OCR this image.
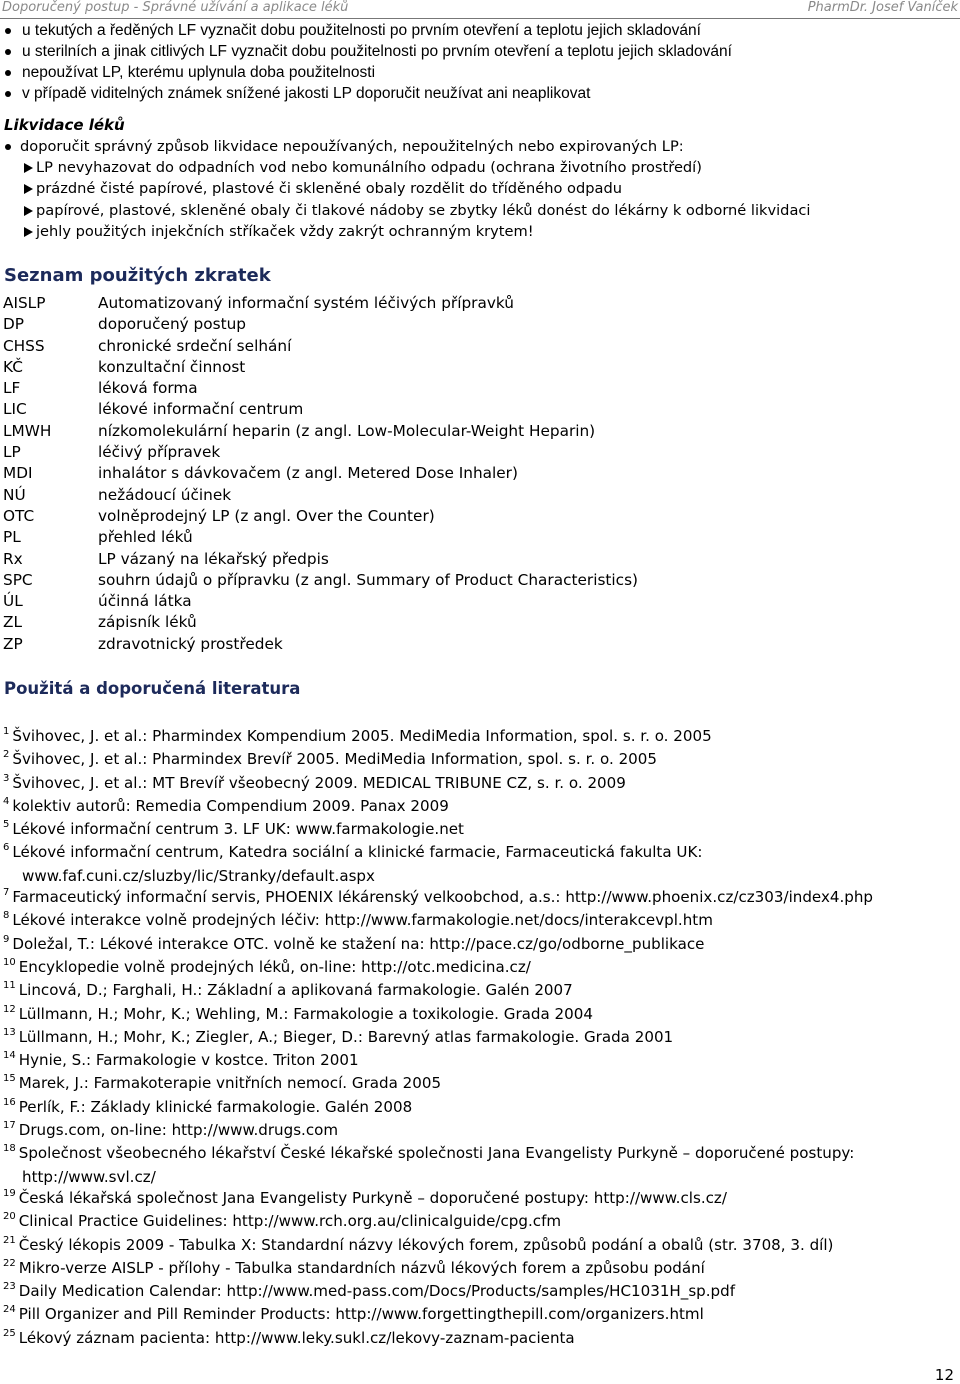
Doporučený postup - Správné užívání a aplikace léků	PharmDr. Josef Vaníček
u tekutých a ředěných LF vyznačit dobu použitelnosti po prvním otevření a teplotu jejich skladování
u sterilních a jinak citlivých LF vyznačit dobu použitelnosti po prvním otevření a teplotu jejich skladování
nepoužívat LP, kterému uplynula doba použitelnosti
v případě viditelných známek snížené jakosti LP doporučit neužívat ani neaplikovat
Likvidace léků
doporučit správný způsob likvidace nepoužívaných, nepoužitelných nebo expirovaných LP:
LP nevyhazovat do odpadních vod nebo komunálního odpadu (ochrana životního prostředí)
prázdné čisté papírové, plastové či skleněné obaly rozdělit do tříděného odpadu
papírové, plastové, skleněné obaly či tlakové nádoby se zbytky léků donést do lékárny k odborné likvidaci
jehly použitých injekčních stříkaček vždy zakrýt ochranným krytem!
Seznam použitých zkratek
AISLP	Automatizovaný informační systém léčivých přípravků
DP	doporučený postup
CHSS	chronické srdeční selhání
KČ	konzultační činnost
LF	léková forma
LIC	lékové informační centrum
LMWH	nízkomolekulární heparin (z angl. Low-Molecular-Weight Heparin)
LP	léčivý přípravek
MDI	inhalátor s dávkovačem (z angl. Metered Dose Inhaler)
NÚ	nežádoucí účinek
OTC	volněprodejný LP (z angl. Over the Counter)
PL	přehled léků
Rx	LP vázaný na lékařský předpis
SPC	souhrn údajů o přípravku (z angl. Summary of Product Characteristics)
ÚL	účinná látka
ZL	zápisník léků
ZP	zdravotnický prostředek
Použitá a doporučená literatura
$^1$ Švihovec, J. et al.: Pharmindex Kompendium 2005. MediMedia Information, spol. s. r. o. 2005
$^2$ Švihovec, J. et al.: Pharmindex Brevíř 2005. MediMedia Information, spol. s. r. o. 2005
$^3$ Švihovec, J. et al.: MT Brevíř všeobecný 2009. MEDICAL TRIBUNE CZ, s. r. o. 2009
$^4$ kolektiv autorů: Remedia Compendium 2009. Panax 2009
$^5$ Lékové informační centrum 3. LF UK: www.farmakologie.net
$^6$ Lékové informační centrum, Katedra sociální a klinické farmacie, Farmaceutická fakulta UK:
www.faf.cuni.cz/sluzby/lic/Stranky/default.aspx
$^7$ Farmaceutický informační servis, PHOENIX lékárenský velkoobchod, a.s.: http://www.phoenix.cz/cz303/index4.php
$^8$ Lékové interakce volně prodejných léčiv: http://www.farmakologie.net/docs/interakcevpl.htm
$^9$ Doležal, T.: Lékové interakce OTC. volně ke stažení na: http://pace.cz/go/odborne_publikace
$^{10}$ Encyklopedie volně prodejných léků, on-line: http://otc.medicina.cz/
$^{11}$ Lincová, D.; Farghali, H.: Základní a aplikovaná farmakologie. Galén 2007
$^{12}$ Lüllmann, H.; Mohr, K.; Wehling, M.: Farmakologie a toxikologie. Grada 2004
$^{13}$ Lüllmann, H.; Mohr, K.; Ziegler, A.; Bieger, D.: Barevný atlas farmakologie. Grada 2001
$^{14}$ Hynie, S.: Farmakologie v kostce. Triton 2001
$^{15}$ Marek, J.: Farmakoterapie vnitřních nemocí. Grada 2005
$^{16}$ Perlík, F.: Základy klinické farmakologie. Galén 2008
$^{17}$ Drugs.com, on-line: http://www.drugs.com
$^{18}$ Společnost všeobecného lékařství České lékařské společnosti Jana Evangelisty Purkyně – doporučené postupy:
http://www.svl.cz/
$^{19}$ Česká lékařská společnost Jana Evangelisty Purkyně – doporučené postupy: http://www.cls.cz/
$^{20}$ Clinical Practice Guidelines: http://www.rch.org.au/clinicalguide/cpg.cfm
$^{21}$ Český lékopis 2009 - Tabulka X: Standardní názvy lékových forem, způsobů podání a obalů (str. 3708, 3. díl)
$^{22}$ Mikro-verze AISLP - přílohy - Tabulka standardních názvů lékových forem a způsobu podání
$^{23}$ Daily Medication Calendar: http://www.med-pass.com/Docs/Products/samples/HC1031H_sp.pdf
$^{24}$ Pill Organizer and Pill Reminder Products: http://www.forgettingthepill.com/organizers.html
$^{25}$ Lékový záznam pacienta: http://www.leky.sukl.cz/lekovy-zaznam-pacienta
12
